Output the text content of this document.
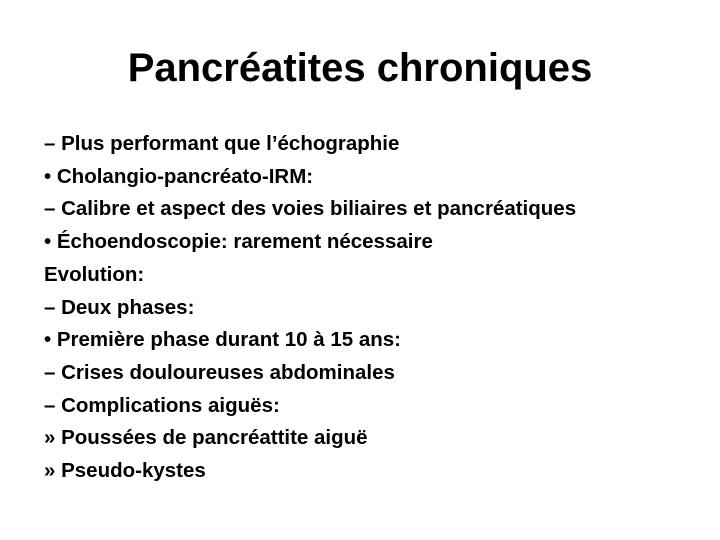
Pancréatites chroniques
– Plus performant que l’échographie
• Cholangio-pancréato-IRM:
– Calibre et aspect des voies biliaires et pancréatiques
• Échoendoscopie: rarement nécessaire
Evolution:
– Deux phases:
• Première phase durant 10 à 15 ans:
– Crises douloureuses abdominales
– Complications aiguës:
» Poussées de pancréattite aiguë
» Pseudo-kystes
